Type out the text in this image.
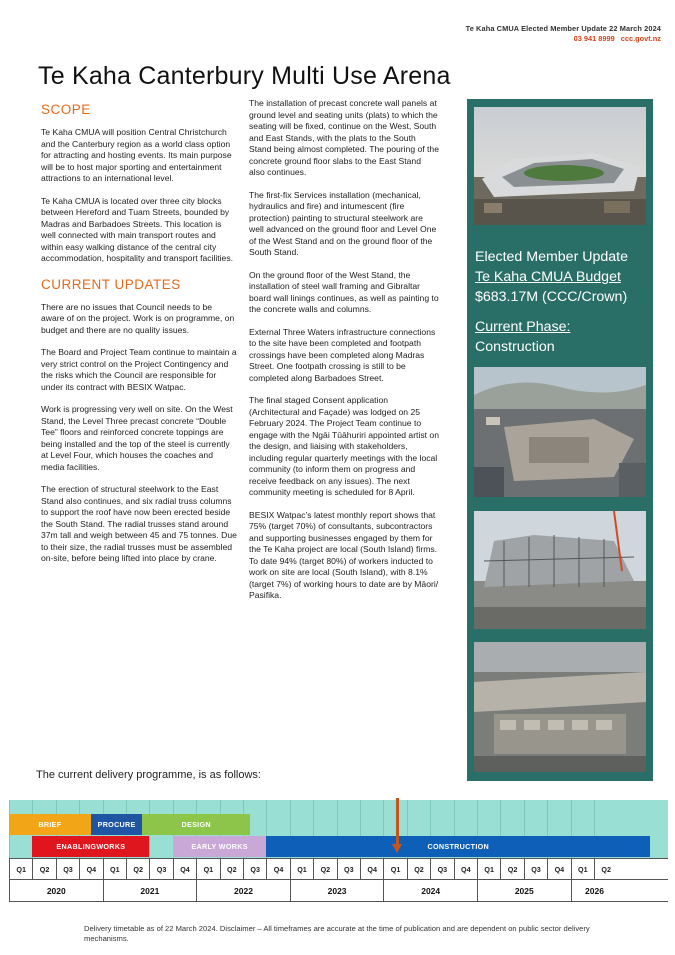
Te Kaha CMUA Elected Member Update 22 March 2024
03 941 8999 ccc.govt.nz
Te Kaha Canterbury Multi Use Arena
SCOPE

Te Kaha CMUA will position Central Christchurch and the Canterbury region as a world class option for attracting and hosting events. Its main purpose will be to host major sporting and entertainment attractions to an international level.

Te Kaha CMUA is located over three city blocks between Hereford and Tuam Streets, bounded by Madras and Barbadoes Streets. This location is well connected with main transport routes and within easy walking distance of the central city accommodation, hospitality and transport facilities.

CURRENT UPDATES

There are no issues that Council needs to be aware of on the project. Work is on programme, on budget and there are no quality issues.

The Board and Project Team continue to maintain a very strict control on the Project Contingency and the risks which the Council are responsible for under its contract with BESIX Watpac.

Work is progressing very well on site. On the West Stand, the Level Three precast concrete “Double Tee” floors and reinforced concrete toppings are being installed and the top of the steel is currently at Level Four, which houses the coaches and media facilities.

The erection of structural steelwork to the East Stand also continues, and six radial truss columns to support the roof have now been erected beside the South Stand. The radial trusses stand around 37m tall and weigh between 45 and 75 tonnes. Due to their size, the radial trusses must be assembled on-site, before being lifted into place by crane.

The installation of precast concrete wall panels at ground level and seating units (plats) to which the seating will be fixed, continue on the West, South and East Stands, with the plats to the South Stand being almost completed. The pouring of the concrete ground floor slabs to the East Stand also continues.

The first-fix Services installation (mechanical, hydraulics and fire) and intumescent (fire protection) painting to structural steelwork are well advanced on the ground floor and Level One of the West Stand and on the ground floor of the South Stand.

On the ground floor of the West Stand, the installation of steel wall framing and Gibraltar board wall linings continues, as well as painting to the concrete walls and columns.

External Three Waters infrastructure connections to the site have been completed and footpath crossings have been completed along Madras Street. One footpath crossing is still to be completed along Barbadoes Street.

The final staged Consent application (Architectural and Façade) was lodged on 25 February 2024. The Project Team continue to engage with the Ngāi Tūāhuriri appointed artist on the design, and liaising with stakeholders, including regular quarterly meetings with the local community (to inform them on progress and receive feedback on any issues). The next community meeting is scheduled for 8 April.

BESIX Watpac’s latest monthly report shows that 75% (target 70%) of consultants, subcontractors and supporting businesses engaged by them for the Te Kaha project are local (South Island) firms. To date 94% (target 80%) of workers inducted to work on site are local (South Island), with 8.1% (target 7%) of working hours to date are by Māori/ Pasifika.

Elected Member Update
Te Kaha CMUA Budget
$683.17M (CCC/Crown)
Current Phase:
Construction
The current delivery programme, is as follows:
BRIEF	PROCURE	DESIGN
ENABLINGWORKS	EARLY WORKS	CONSTRUCTION
Q1	Q2	Q3	Q4	Q1	Q2	Q3	Q4	Q1	Q2	Q3	Q4	Q1	Q2	Q3	Q4	Q1	Q2	Q3	Q4	Q1	Q2	Q3	Q4	Q1	Q2
2020	2021	2022	2023	2024	2025	2026
Delivery timetable as of 22 March 2024. Disclaimer – All timeframes are accurate at the time of publication and are dependent on public sector delivery mechanisms.
